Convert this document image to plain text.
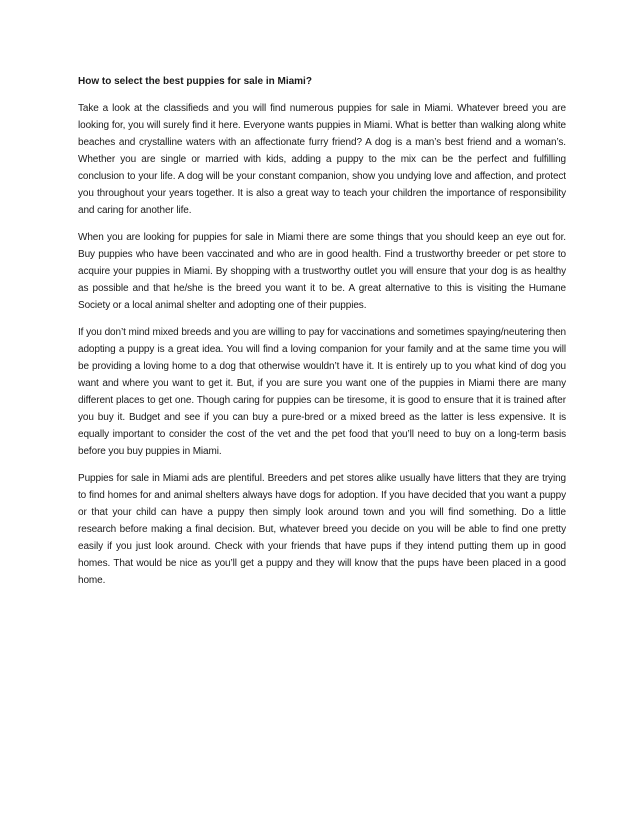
How to select the best puppies for sale in Miami?

Take a look at the classifieds and you will find numerous puppies for sale in Miami. Whatever breed you are looking for, you will surely find it here. Everyone wants puppies in Miami. What is better than walking along white beaches and crystalline waters with an affectionate furry friend? A dog is a man’s best friend and a woman’s. Whether you are single or married with kids, adding a puppy to the mix can be the perfect and fulfilling conclusion to your life. A dog will be your constant companion, show you undying love and affection, and protect you throughout your years together. It is also a great way to teach your children the importance of responsibility and caring for another life.

When you are looking for puppies for sale in Miami there are some things that you should keep an eye out for. Buy puppies who have been vaccinated and who are in good health. Find a trustworthy breeder or pet store to acquire your puppies in Miami. By shopping with a trustworthy outlet you will ensure that your dog is as healthy as possible and that he/she is the breed you want it to be. A great alternative to this is visiting the Humane Society or a local animal shelter and adopting one of their puppies.

If you don’t mind mixed breeds and you are willing to pay for vaccinations and sometimes spaying/neutering then adopting a puppy is a great idea. You will find a loving companion for your family and at the same time you will be providing a loving home to a dog that otherwise wouldn’t have it. It is entirely up to you what kind of dog you want and where you want to get it. But, if you are sure you want one of the puppies in Miami there are many different places to get one. Though caring for puppies can be tiresome, it is good to ensure that it is trained after you buy it. Budget and see if you can buy a pure-bred or a mixed breed as the latter is less expensive. It is equally important to consider the cost of the vet and the pet food that you’ll need to buy on a long-term basis before you buy puppies in Miami.

Puppies for sale in Miami ads are plentiful. Breeders and pet stores alike usually have litters that they are trying to find homes for and animal shelters always have dogs for adoption. If you have decided that you want a puppy or that your child can have a puppy then simply look around town and you will find something. Do a little research before making a final decision. But, whatever breed you decide on you will be able to find one pretty easily if you just look around. Check with your friends that have pups if they intend putting them up in good homes. That would be nice as you’ll get a puppy and they will know that the pups have been placed in a good home.
